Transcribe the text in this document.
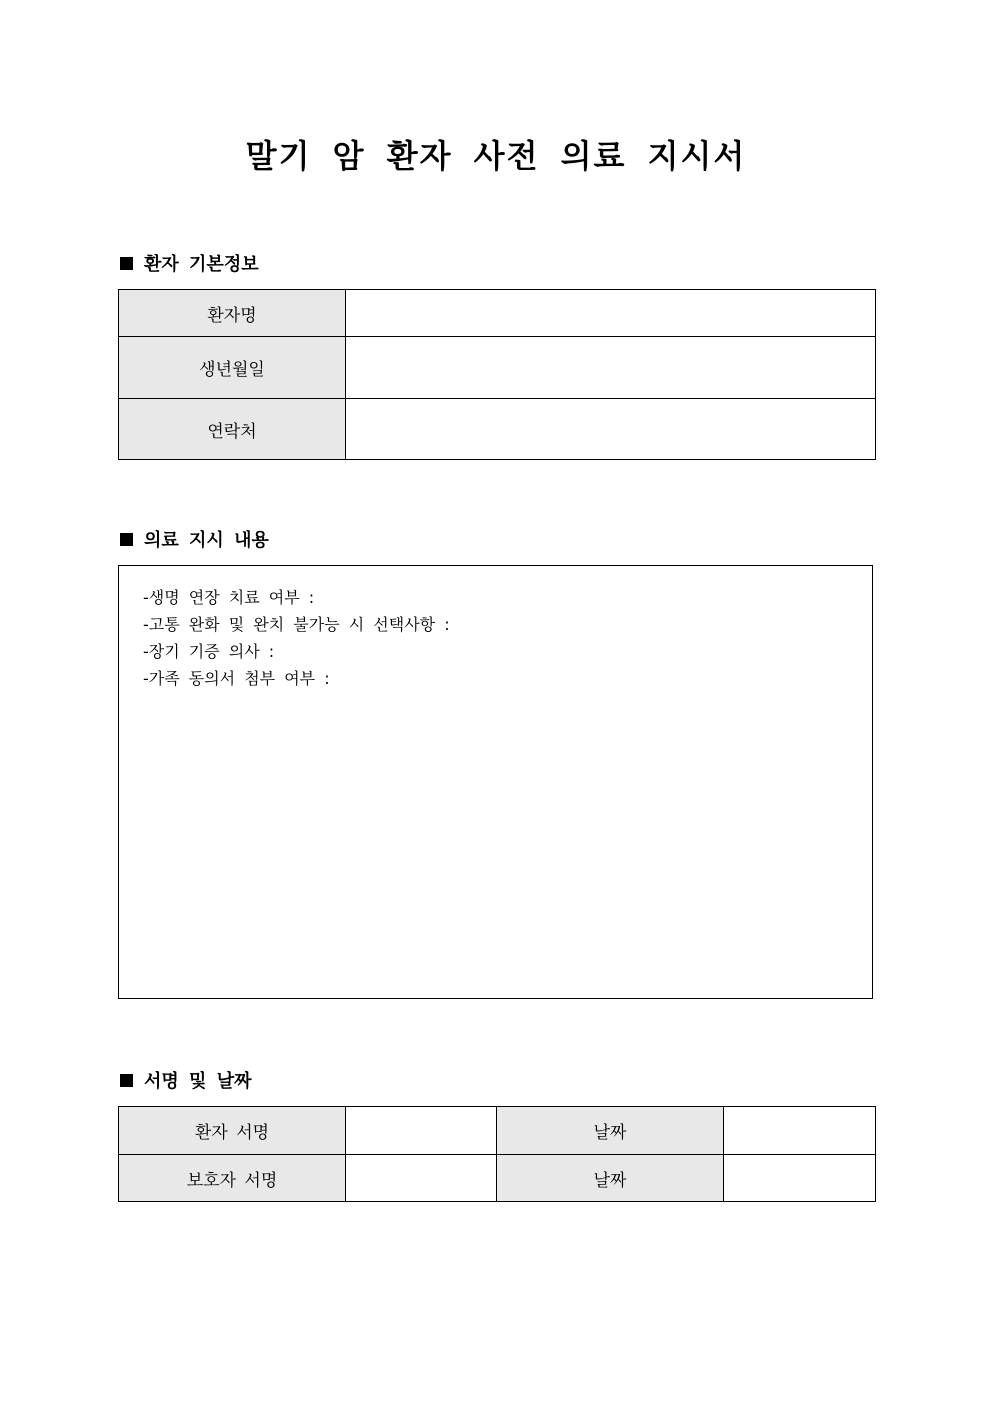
말기 암 환자 사전 의료 지시서
환자 기본정보
환자명	
생년월일	
연락처	
의료 지시 내용
-생명 연장 치료 여부 :
-고통 완화 및 완치 불가능 시 선택사항 :
-장기 기증 의사 :
-가족 동의서 첨부 여부 :
서명 및 날짜
환자 서명		날짜	
보호자 서명		날짜	
